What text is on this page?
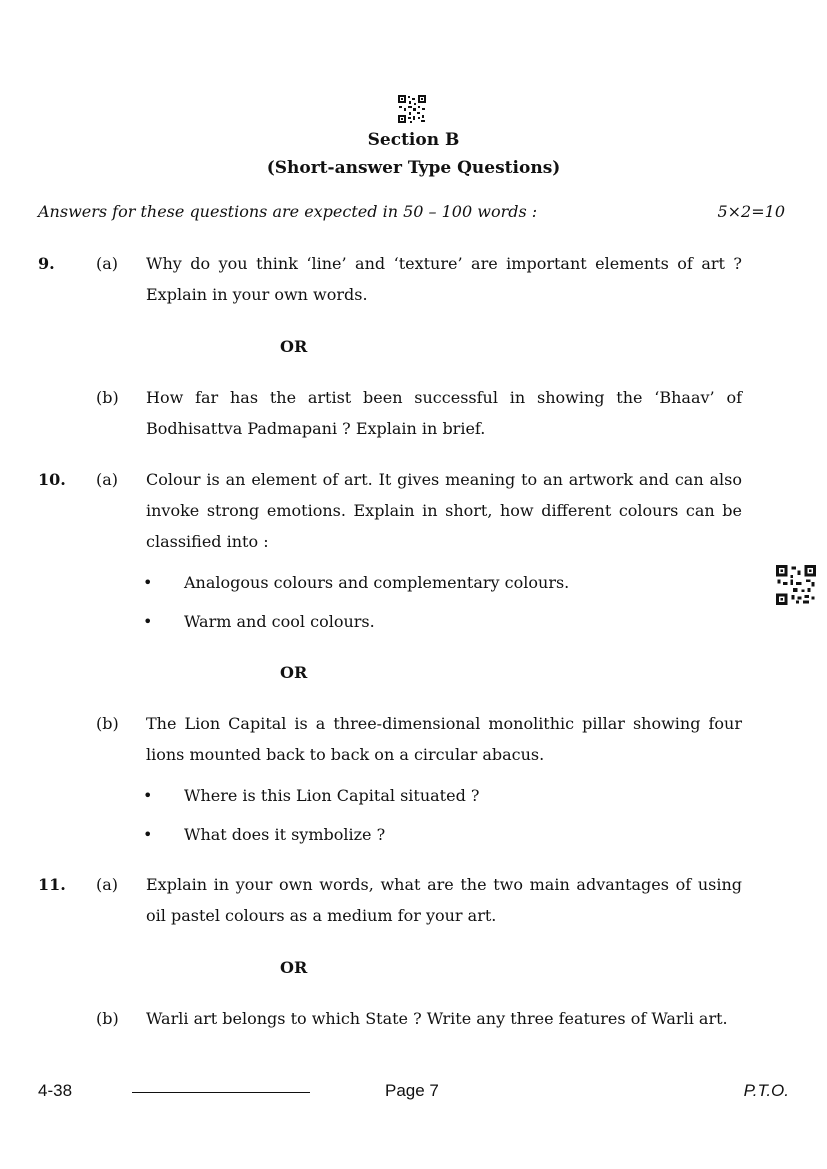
Section B
(Short-answer Type Questions)
Answers for these questions are expected in 50 – 100 words :	5×2=10
9.	(a) Why do you think ‘line’ and ‘texture’ are important elements of art ? Explain in your own words.
OR
(b) How far has the artist been successful in showing the ‘Bhaav’ of Bodhisattva Padmapani ? Explain in brief.
10. (a) Colour is an element of art. It gives meaning to an artwork and can also invoke strong emotions. Explain in short, how different colours can be classified into :
• Analogous colours and complementary colours.
• Warm and cool colours.
OR
(b) The Lion Capital is a three-dimensional monolithic pillar showing four lions mounted back to back on a circular abacus.
• Where is this Lion Capital situated ?
• What does it symbolize ?
11. (a) Explain in your own words, what are the two main advantages of using oil pastel colours as a medium for your art.
OR
(b) Warli art belongs to which State ? Write any three features of Warli art.
4-38	Page 7	P.T.O.
